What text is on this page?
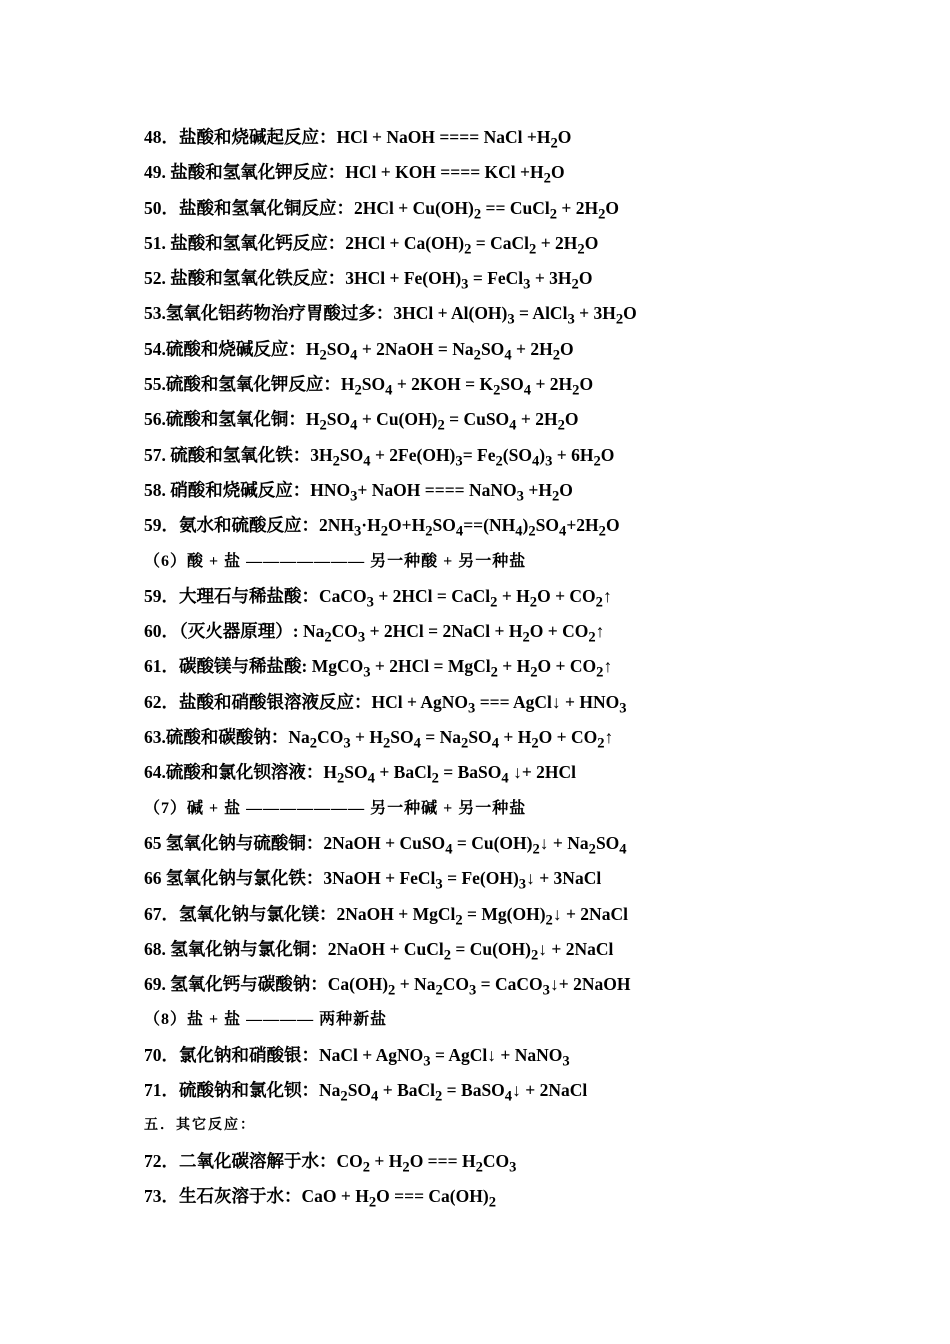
48．盐酸和烧碱起反应：HCl + NaOH ==== NaCl $+H_2O$
49. 盐酸和氢氧化钾反应：HCl + KOH ==== KCl $+H_2O$
50．盐酸和氢氧化铜反应：$2HCl + Cu(OH)_2$ == CuCl$_2$ + $2H_2O$
51. 盐酸和氢氧化钙反应：$2HCl + Ca(OH)_2$ = CaCl$_2$ + $2H_2O$
52. 盐酸和氢氧化铁反应：$3HCl + Fe(OH)_3$ = FeCl$_3$ + $3H_2O$
53.氢氧化铝药物治疗胃酸过多：$3HCl + Al(OH)_3$ = AlCl$_3$ + $3H_2O$
54.硫酸和烧碱反应：$H_2SO_4$ + 2NaOH = $Na_2SO_4 + 2H_2O$
55.硫酸和氢氧化钾反应：$H_2SO_4 + 2KOH = K_2SO_4 + 2H_2O$
56.硫酸和氢氧化铜：$H_2SO_4 + Cu(OH)_2$ = CuSO$_4$ + $2H_2O$
57. 硫酸和氢氧化铁：$3H_2SO_4 + 2Fe(OH)_3= Fe_2(SO_4)_3 + 6H_2O$
58. 硝酸和烧碱反应：$HNO_3+$ NaOH ==== NaNO$_3$ $+H_2O$
59．氨水和硫酸反应：$2NH_3\cdot H_2O+H_2SO_4==(NH_4)_2SO_4+2H_2O$
（6）酸 + 盐 ——————— 另一种酸 + 另一种盐
59．大理石与稀盐酸：CaCO$_3$ + 2HCl = CaCl$_2$ + $H_2O$ + $CO_2↑$
60．（灭火器原理）: $Na_2CO_3 + 2HCl$ = 2NaCl + $H_2O$ + $CO_2↑$
61．碳酸镁与稀盐酸: MgCO$_3$ + 2HCl = MgCl$_2$ + $H_2O$ + $CO_2↑$
62．盐酸和硝酸银溶液反应：HCl + AgNO$_3$ === AgCl↓ + $HNO_3$
63.硫酸和碳酸钠：$Na_2CO_3 + H_2SO_4 = Na_2SO_4 + H_2O$ + $CO_2↑$
64.硫酸和氯化钡溶液：$H_2SO_4$ + BaCl$_2$ = BaSO$_4$ ↓+ 2HCl
（7）碱 + 盐 ——————— 另一种碱 + 另一种盐
65 氢氧化钠与硫酸铜：2NaOH + CuSO$_4$ = $Cu(OH)_2↓ + Na_2SO_4$
66 氢氧化钠与氯化铁：3NaOH + FeCl$_3$ = $Fe(OH)_3↓$ + 3NaCl
67．氢氧化钠与氯化镁：2NaOH + MgCl$_2$ = $Mg(OH)_2↓$ + 2NaCl
68. 氢氧化钠与氯化铜：2NaOH + CuCl$_2$ = $Cu(OH)_2↓$ + 2NaCl
69. 氢氧化钙与碳酸钠：$Ca(OH)_2 + Na_2CO_3$ = CaCO$_3$↓+ 2NaOH
（8）盐 + 盐 ———— 两种新盐
70．氯化钠和硝酸银：NaCl + AgNO$_3$ = AgCl↓ + NaNO$_3$
71．硫酸钠和氯化钡：$Na_2SO_4$ + BaCl$_2$ = BaSO$_4$↓ + 2NaCl
五．其它反应：
72．二氧化碳溶解于水：$CO_2 + H_2O$ === $H_2CO_3$
73．生石灰溶于水：CaO + $H_2O$ === $Ca(OH)_2$
